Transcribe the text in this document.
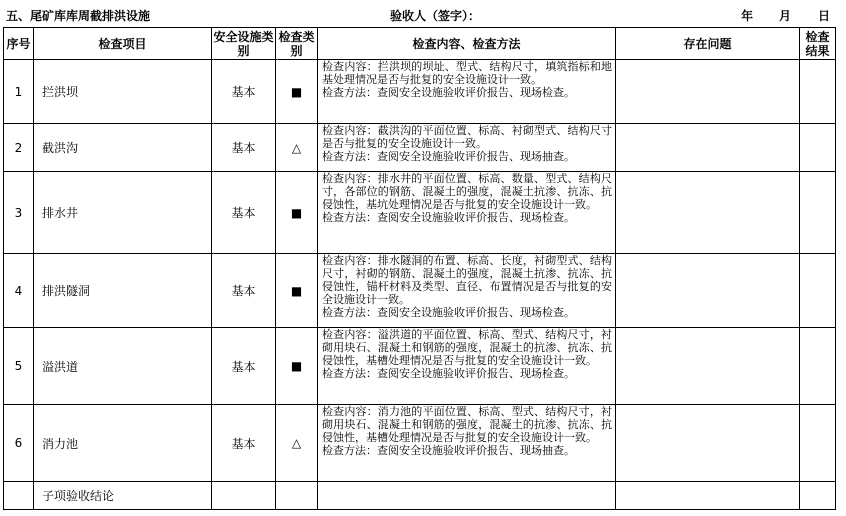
五、尾矿库库周截排洪设施	验收人（签字）：	年 月 日
序号	检查项目	安全设施类别	检查类别	检查内容、检查方法	存在问题	检查结果
1	拦洪坝	基本	■	检查内容：拦洪坝的坝址、型式、结构尺寸，填筑指标和地基处理情况是否与批复的安全设施设计一致。
检查方法：查阅安全设施验收评价报告、现场检查。		

2	截洪沟	基本	△	检查内容：截洪沟的平面位置、标高、衬砌型式、结构尺寸是否与批复的安全设施设计一致。
检查方法：查阅安全设施验收评价报告、现场抽查。		

3	排水井	基本	■	检查内容：排水井的平面位置、标高、数量、型式、结构尺寸，各部位的钢筋、混凝土的强度，混凝土抗渗、抗冻、抗侵蚀性，基坑处理情况是否与批复的安全设施设计一致。
检查方法：查阅安全设施验收评价报告、现场检查。		

4	排洪隧洞	基本	■	检查内容：排水隧洞的布置、标高、长度，衬砌型式、结构尺寸，衬砌的钢筋、混凝土的强度，混凝土抗渗、抗冻、抗侵蚀性，锚杆材料及类型、直径、布置情况是否与批复的安全设施设计一致。
检查方法：查阅安全设施验收评价报告、现场检查。		

5	溢洪道	基本	■	检查内容：溢洪道的平面位置、标高、型式、结构尺寸，衬砌用块石、混凝土和钢筋的强度，混凝土的抗渗、抗冻、抗侵蚀性，基槽处理情况是否与批复的安全设施设计一致。
检查方法：查阅安全设施验收评价报告、现场检查。		

6	消力池	基本	△	检查内容：消力池的平面位置、标高、型式、结构尺寸，衬砌用块石、混凝土和钢筋的强度，混凝土的抗渗、抗冻、抗侵蚀性，基槽处理情况是否与批复的安全设施设计一致。
检查方法：查阅安全设施验收评价报告、现场抽查。		

	子项验收结论					
